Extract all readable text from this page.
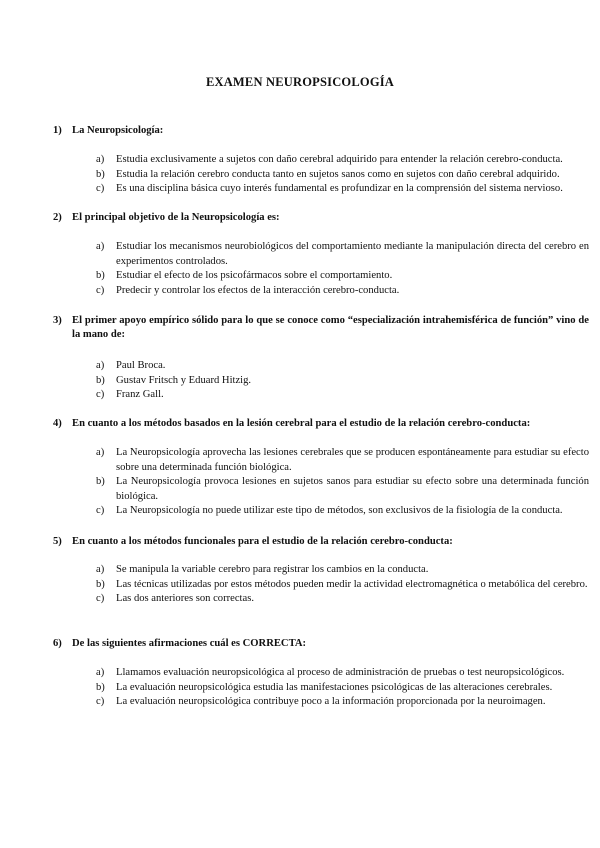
EXAMEN NEUROPSICOLOGÍA
1) La Neuropsicología:
a)	Estudia exclusivamente a sujetos con daño cerebral adquirido para entender la relación cerebro-conducta.
b)	Estudia la relación cerebro conducta tanto en sujetos sanos como en sujetos con daño cerebral adquirido.
c)	Es una disciplina básica cuyo interés fundamental es profundizar en la comprensión del sistema nervioso.
2) El principal objetivo de la Neuropsicología es:
a)	Estudiar los mecanismos neurobiológicos del comportamiento mediante la manipulación directa del cerebro en experimentos controlados.
b)	Estudiar el efecto de los psicofármacos sobre el comportamiento.
c)	Predecir y controlar los efectos de la interacción cerebro-conducta.
3) El primer apoyo empírico sólido para lo que se conoce como “especialización intrahemisférica de función” vino de la mano de:
a)	Paul Broca.
b)	Gustav Fritsch y Eduard Hitzig.
c)	Franz Gall.
4) En cuanto a los métodos basados en la lesión cerebral para el estudio de la relación cerebro-conducta:
a)	La Neuropsicología aprovecha las lesiones cerebrales que se producen espontáneamente para estudiar su efecto sobre una determinada función biológica.
b)	La Neuropsicología provoca lesiones en sujetos sanos para estudiar su efecto sobre una determinada función biológica.
c)	La Neuropsicología no puede utilizar este tipo de métodos, son exclusivos de la fisiología de la conducta.
5) En cuanto a los métodos funcionales para el estudio de la relación cerebro-conducta:
a)	Se manipula la variable cerebro para registrar los cambios en la conducta.
b)	Las técnicas utilizadas por estos métodos pueden medir la actividad electromagnética o metabólica del cerebro.
c)	Las dos anteriores son correctas.
6) De las siguientes afirmaciones cuál es CORRECTA:
a)	Llamamos evaluación neuropsicológica al proceso de administración de pruebas o test neuropsicológicos.
b)	La evaluación neuropsicológica estudia las manifestaciones psicológicas de las alteraciones cerebrales.
c)	La evaluación neuropsicológica contribuye poco a la información proporcionada por la neuroimagen.
